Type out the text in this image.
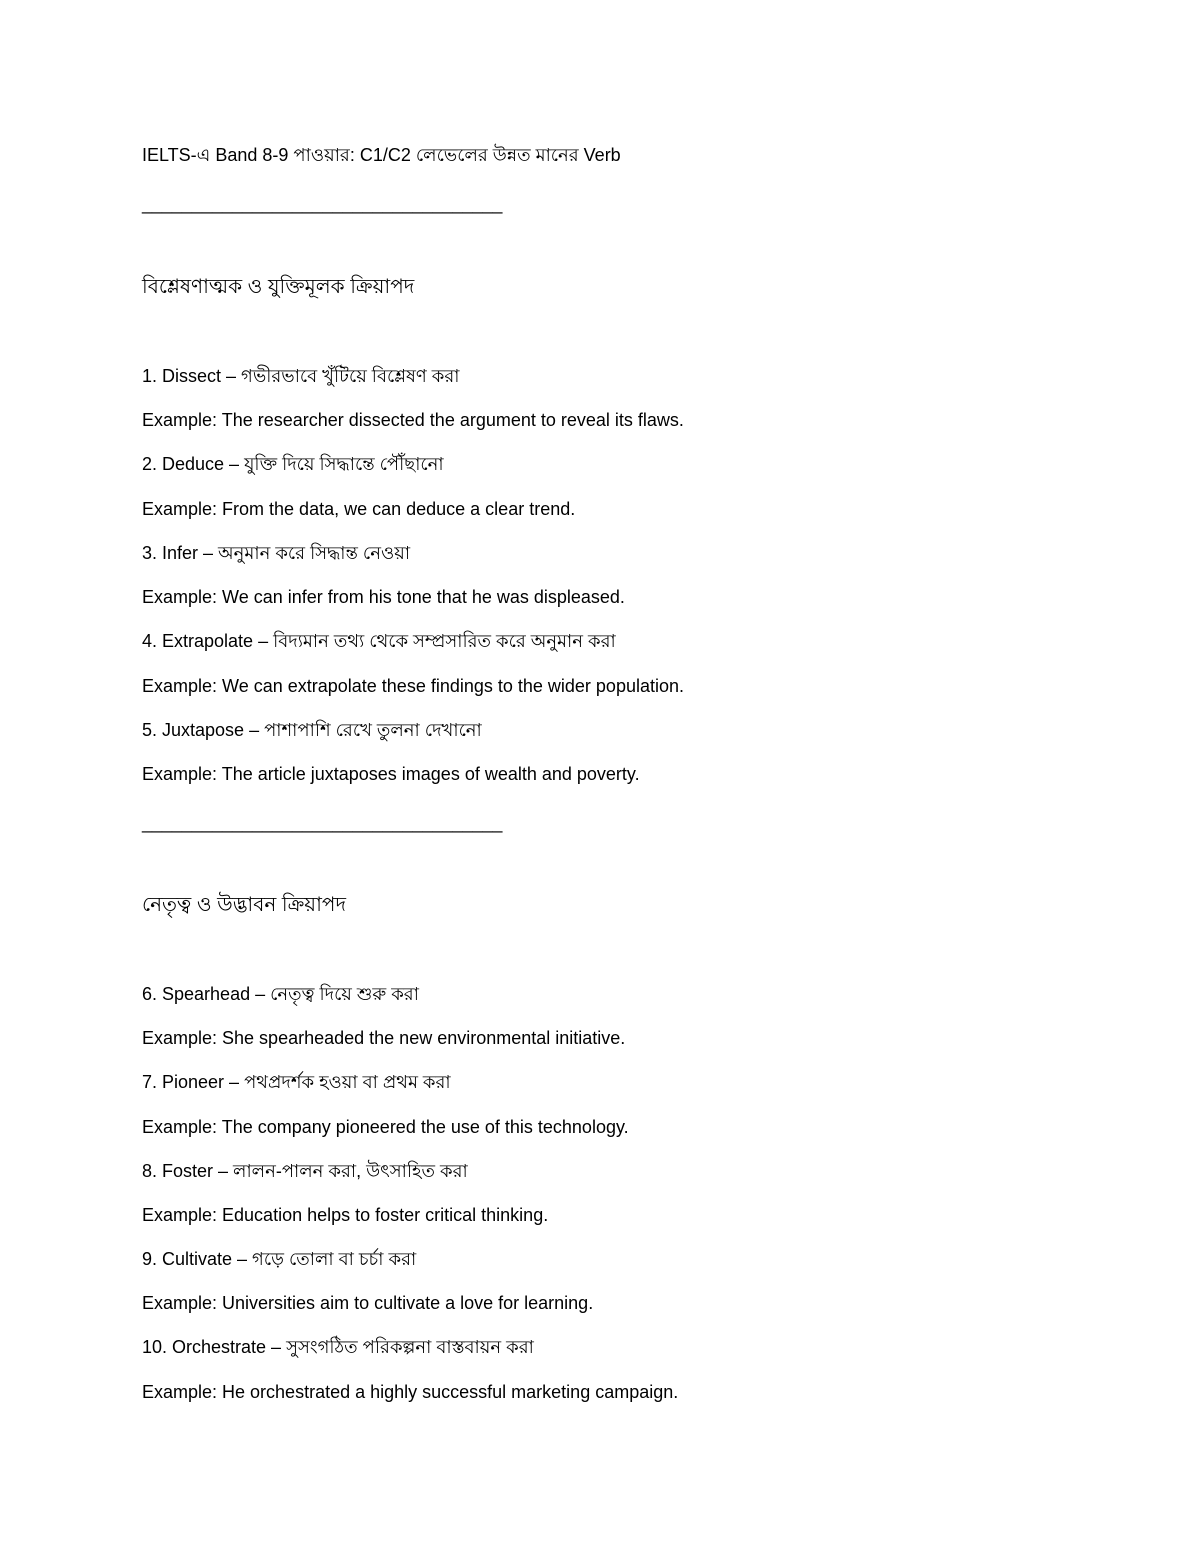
IELTS-এ Band 8-9 পাওয়ার: C1/C2 লেভেলের উন্নত মানের Verb
____________________________________
বিশ্লেষণাত্মক ও যুক্তিমূলক ক্রিয়াপদ
1. Dissect – গভীরভাবে খুঁটিয়ে বিশ্লেষণ করা
Example: The researcher dissected the argument to reveal its flaws.
2. Deduce – যুক্তি দিয়ে সিদ্ধান্তে পৌঁছানো
Example: From the data, we can deduce a clear trend.
3. Infer – অনুমান করে সিদ্ধান্ত নেওয়া
Example: We can infer from his tone that he was displeased.
4. Extrapolate – বিদ্যমান তথ্য থেকে সম্প্রসারিত করে অনুমান করা
Example: We can extrapolate these findings to the wider population.
5. Juxtapose – পাশাপাশি রেখে তুলনা দেখানো
Example: The article juxtaposes images of wealth and poverty.
____________________________________
নেতৃত্ব ও উদ্ভাবন ক্রিয়াপদ
6. Spearhead – নেতৃত্ব দিয়ে শুরু করা
Example: She spearheaded the new environmental initiative.
7. Pioneer – পথপ্রদর্শক হওয়া বা প্রথম করা
Example: The company pioneered the use of this technology.
8. Foster – লালন-পালন করা, উৎসাহিত করা
Example: Education helps to foster critical thinking.
9. Cultivate – গড়ে তোলা বা চর্চা করা
Example: Universities aim to cultivate a love for learning.
10. Orchestrate – সুসংগঠিত পরিকল্পনা বাস্তবায়ন করা
Example: He orchestrated a highly successful marketing campaign.
